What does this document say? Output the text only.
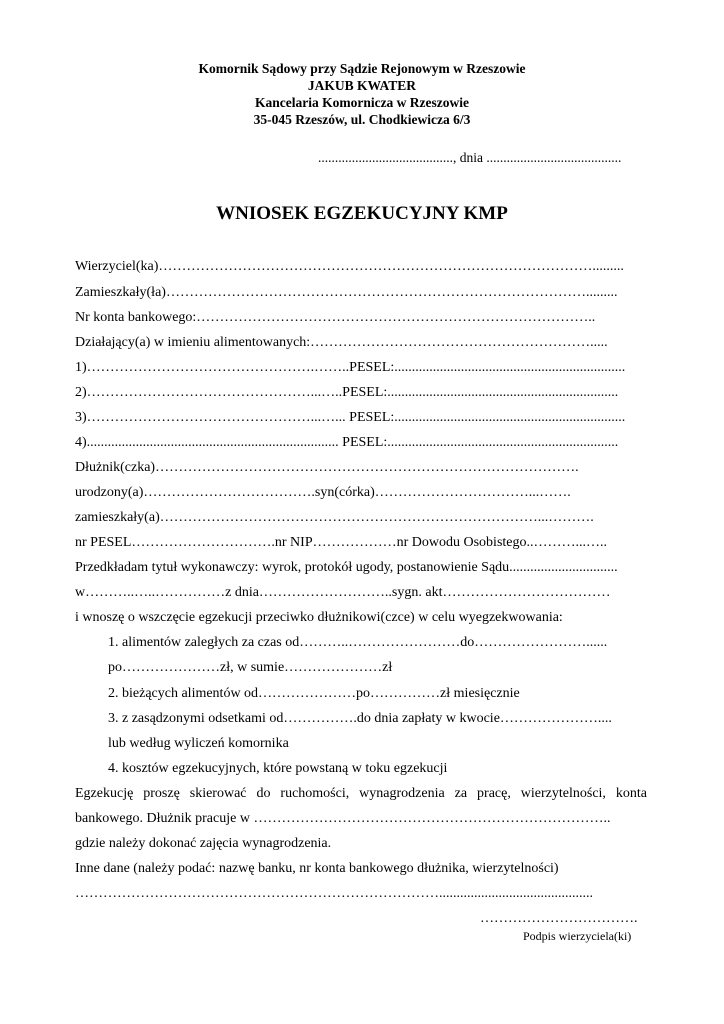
Komornik Sądowy przy Sądzie Rejonowym w Rzeszowie
JAKUB KWATER
Kancelaria Komornicza w Rzeszowie
35-045 Rzeszów, ul. Chodkiewicza 6/3
........................................, dnia ........................................
WNIOSEK EGZEKUCYJNY KMP
Wierzyciel(ka)………………………………………………………………………………….........
Zamieszkały(ła)……………………………………………………………………………….........
Nr konta bankowego:…………………………………………………………………………..
Działający(a) w imieniu alimentowanych:…………………………………………………….....
1)………………………………………….……..PESEL:..................................................................
2)…………………………………………...…..PESEL:..................................................................
3)…………………………………………...…... PESEL:..................................................................
4)........................................................................ PESEL:..................................................................
Dłużnik(czka)……………………………………………………………………………….
urodzony(a)……………………………….syn(córka)……………………………...…….
zamieszkały(a)………………………………………………………………………...……….
nr PESEL………………………….nr NIP………………nr Dowodu Osobistego..………...…..
Przedkładam tytuł wykonawczy: wyrok, protokół ugody, postanowienie Sądu...............................
w………..…..……………z dnia………………………..sygn. akt………………………………
i wnoszę o wszczęcie egzekucji przeciwko dłużnikowi(czce) w celu wyegzekwowania:
1. alimentów zaległych za czas od………..……………………do……………………......
po…………………zł, w sumie…………………zł
2. bieżących alimentów od…………………po……………zł miesięcznie
3. z zasądzonymi odsetkami od…………….do dnia zapłaty w kwocie…………………....
lub według wyliczeń komornika
4. kosztów egzekucyjnych, które powstaną w toku egzekucji
Egzekucję proszę skierować do ruchomości, wynagrodzenia za pracę, wierzytelności, konta
bankowego. Dłużnik pracuje w …………………………………………………………………..
gdzie należy dokonać zajęcia wynagrodzenia.
Inne dane (należy podać: nazwę banku, nr konta bankowego dłużnika, wierzytelności)
……………………………………………………………………............................................
…………………………….
Podpis wierzyciela(ki)
